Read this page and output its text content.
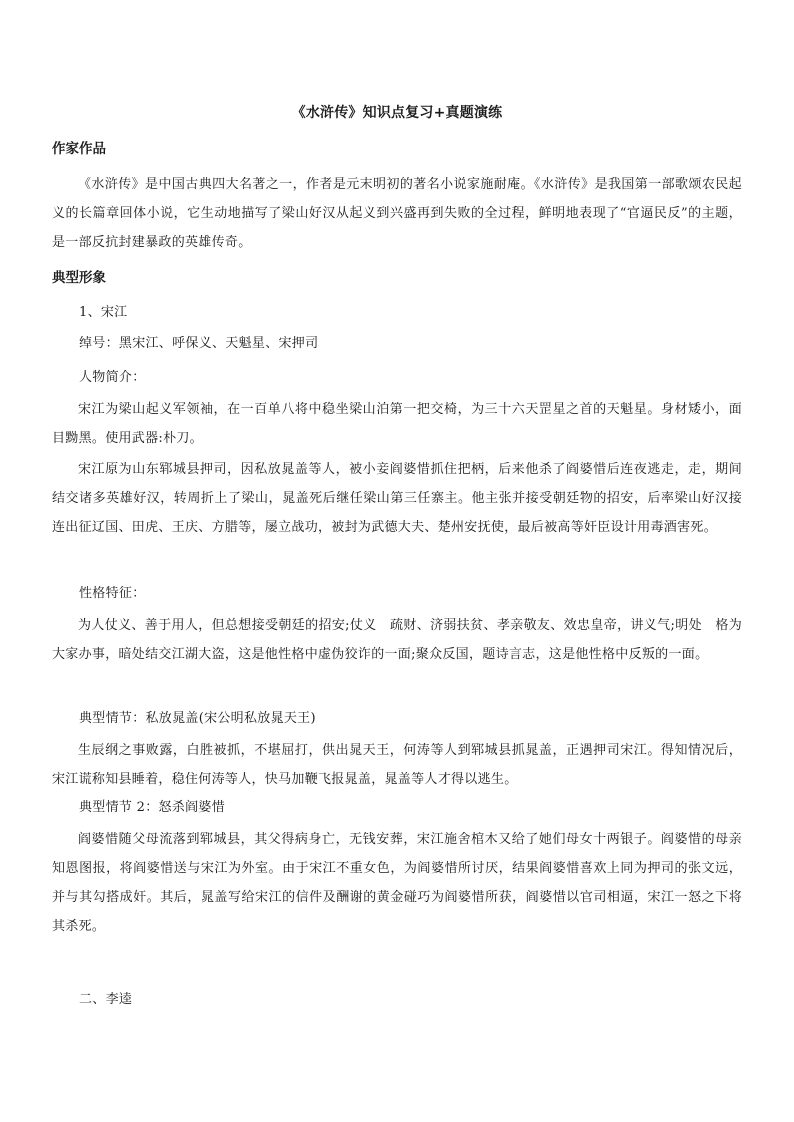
《水浒传》知识点复习+真题演练
作家作品

《水浒传》是中国古典四大名著之一，作者是元末明初的著名小说家施耐庵。《水浒传》是我国第一部歌颂农民起义的长篇章回体小说，它生动地描写了梁山好汉从起义到兴盛再到失败的全过程，鲜明地表现了“官逼民反”的主题，是一部反抗封建暴政的英雄传奇。

典型形象
1、宋江
绰号：黑宋江、呼保义、天魁星、宋押司
人物简介：

宋江为梁山起义军领袖，在一百单八将中稳坐梁山泊第一把交椅，为三十六天罡星之首的天魁星。身材矮小，面目黝黑。使用武器:朴刀。

宋江原为山东郓城县押司，因私放晁盖等人，被小妾阎婆惜抓住把柄，后来他杀了阎婆惜后连夜逃走，走，期间结交诸多英雄好汉，转周折上了梁山，晁盖死后继任梁山第三任寨主。他主张并接受朝廷物的招安，后率梁山好汉接连出征辽国、田虎、王庆、方腊等，屡立战功，被封为武德大夫、楚州安抚使，最后被高等奸臣设计用毒酒害死。

性格特征：

为人仗义、善于用人，但总想接受朝廷的招安;仗义　疏财、济弱扶贫、孝亲敬友、效忠皇帝，讲义气;明处　格为大家办事，暗处结交江湖大盗，这是他性格中虚伪狡诈的一面;聚众反国，题诗言志，这是他性格中反叛的一面。

典型情节：私放晁盖(宋公明私放晁天王)

生辰纲之事败露，白胜被抓，不堪屈打，供出晁天王，何涛等人到郓城县抓晁盖，正遇押司宋江。得知情况后，宋江谎称知县睡着，稳住何涛等人，快马加鞭飞报晁盖，晁盖等人才得以逃生。

典型情节 2：怒杀阎婆惜

阎婆惜随父母流落到郓城县，其父得病身亡，无钱安葬，宋江施舍棺木又给了她们母女十两银子。阎婆惜的母亲知恩图报，将阎婆惜送与宋江为外室。由于宋江不重女色，为阎婆惜所讨厌，结果阎婆惜喜欢上同为押司的张文远，并与其勾搭成奸。其后，晁盖写给宋江的信件及酬谢的黄金碰巧为阎婆惜所获，阎婆惜以官司相逼，宋江一怒之下将其杀死。

二、李逵
